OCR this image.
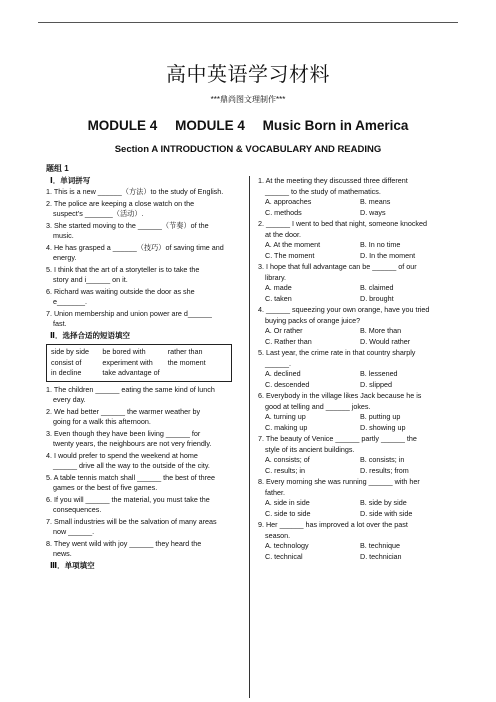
高中英语学习材料
***鼎尚图文理制作***
MODULE 4 MODULE 4 Music Born in America
Section A INTRODUCTION & VOCABULARY AND READING
题组 1
Ⅰ．单词拼写
1. This is a new ______（方法）to the study of English.
2. The police are keeping a close watch on the
suspect’s _______（活动）.
3. She started moving to the ______（节奏）of the
music.
4. He has grasped a ______（技巧）of saving time and
energy.
5. I think that the art of a storyteller is to take the
story and i______ on it.
6. Richard was waiting outside the door as she
e_______.
7. Union membership and union power are d______
fast.
Ⅱ．选择合适的短语填空
side by side	be bored with	rather than
consist of	experiment with	the moment
in decline	take advantage of
1. The children ______ eating the same kind of lunch
every day.
2. We had better ______ the warmer weather by
going for a walk this afternoon.
3. Even though they have been living ______ for
twenty years, the neighbours are not very friendly.
4. I would prefer to spend the weekend at home
______ drive all the way to the outside of the city.
5. A table tennis match shall ______ the best of three
games or the best of five games.
6. If you will ______ the material, you must take the
consequences.
7. Small industries will be the salvation of many areas
now ______.
8. They went wild with joy ______ they heard the
news.
Ⅲ．单项填空
1. At the meeting they discussed three different
______ to the study of mathematics.
A. approaches	B. means
C. methods	D. ways
2. ______ I went to bed that night, someone knocked
at the door.
A. At the moment	B. In no time
C. The moment	D. In the moment
3. I hope that full advantage can be ______ of our
library.
A. made	B. claimed
C. taken	D. brought
4. ______ squeezing your own orange, have you tried
buying packs of orange juice?
A. Or rather	B. More than
C. Rather than	D. Would rather
5. Last year, the crime rate in that country sharply
______.
A. declined	B. lessened
C. descended	D. slipped
6. Everybody in the village likes Jack because he is
good at telling and ______ jokes.
A. turning up	B. putting up
C. making up	D. showing up
7. The beauty of Venice ______ partly ______ the
style of its ancient buildings.
A. consists; of	B. consists; in
C. results; in	D. results; from
8. Every morning she was running ______ with her
father.
A. side in side	B. side by side
C. side to side	D. side with side
9. Her ______ has improved a lot over the past
season.
A. technology	B. technique
C. technical	D. technician
